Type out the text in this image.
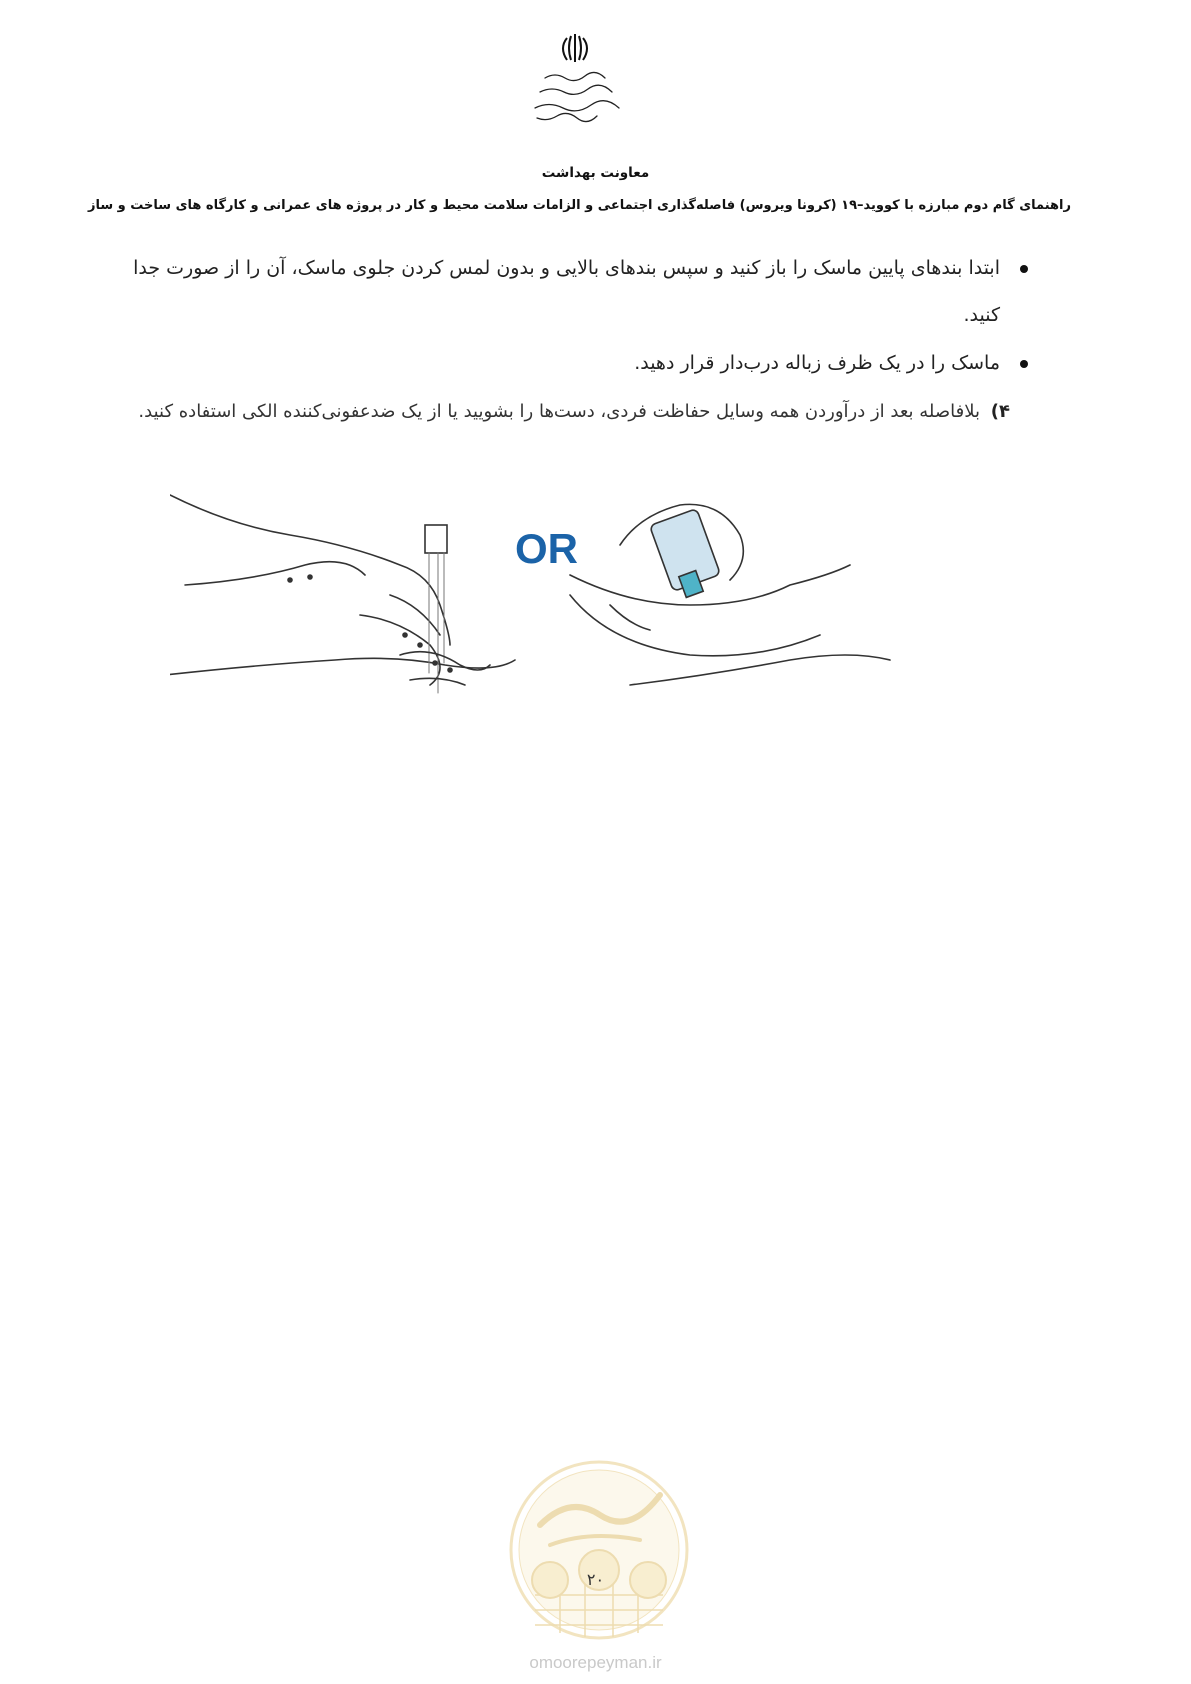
معاونت بهداشت
راهنمای گام دوم مبارزه با کووید–۱۹ (کرونا ویروس) فاصله‌گذاری اجتماعی و الزامات سلامت محیط و کار در پروژه های عمرانی و کارگاه های ساخت و ساز
ابتدا بندهای پایین ماسک را باز کنید و سپس بندهای بالایی و بدون لمس کردن جلوی ماسک، آن را از صورت جدا کنید.
ماسک را در یک ظرف زباله درب‌دار قرار دهید.
۴)
بلافاصله بعد از درآوردن همه وسایل حفاظت فردی، دست‌ها را بشویید یا از یک ضدعفونی‌کننده الکی استفاده کنید.
OR
۲۰
omoorepeyman.ir
